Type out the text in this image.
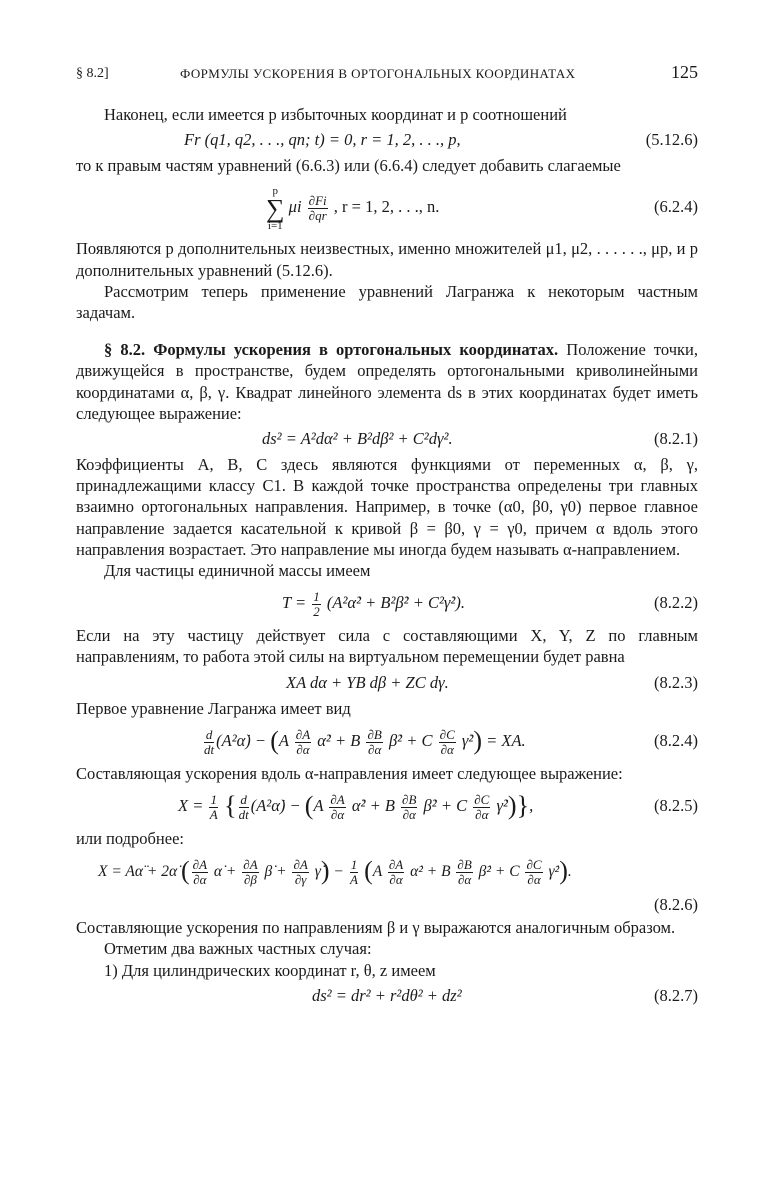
§ 8.2]	ФОРМУЛЫ УСКОРЕНИЯ В ОРТОГОНАЛЬНЫХ КООРДИНАТАХ	125

Наконец, если имеется p избыточных координат и p соотношений

Fr (q1, q2, . . ., qn; t) = 0, r = 1, 2, . . ., p,	(5.12.6)

то к правым частям уравнений (6.6.3) или (6.6.4) следует добавить слагаемые

p
∑
i=1 μi $\frac{\partial Fi}{\partial qr}$ , r = 1, 2, . . ., n.	(6.2.4)

Появляются p дополнительных неизвестных, именно множителей μ1, μ2, . . . . . ., μp, и p дополнительных уравнений (5.12.6).

Рассмотрим теперь применение уравнений Лагранжа к некоторым частным задачам.

§ 8.2. Формулы ускорения в ортогональных координатах. Положение точки, движущейся в пространстве, будем определять ортогональными криволинейными координатами α, β, γ. Квадрат линейного элемента ds в этих координатах будет иметь следующее выражение:

ds² = A²dα² + B²dβ² + C²dγ².	(8.2.1)

Коэффициенты A, B, C здесь являются функциями от переменных α, β, γ, принадлежащими классу C1. В каждой точке пространства определены три главных взаимно ортогональных направления. Например, в точке (α0, β0, γ0) первое главное направление задается касательной к кривой β = β0, γ = γ0, причем α вдоль этого направления возрастает. Это направление мы иногда будем называть α-направлением.

Для частицы единичной массы имеем

$T = \frac{1}{2}$ (A²α̇² + B²β̇² + C²γ̇²).	(8.2.2)

Если на эту частицу действует сила с составляющими X, Y, Z по главным направлениям, то работа этой силы на виртуальном перемещении будет равна

XA dα + YB dβ + ZC dγ.	(8.2.3)

Первое уравнение Лагранжа имеет вид

$\frac{d}{dt}$ (A²α̇) − ($A \frac{\partial A}{\partial\alpha}$ α̇² + B $\frac{\partial B}{\partial\alpha}$ β̇² + C $\frac{\partial C}{\partial\alpha}$ γ̇²) = XA.	(8.2.4)

Составляющая ускорения вдоль α-направления имеет следующее выражение:

$X = \frac{1}{A}$ { $\frac{d}{dt}$ (A²α̇) − ($A \frac{\partial A}{\partial\alpha}$ α̇² + B $\frac{\partial B}{\partial\alpha}$ β̇² + C $\frac{\partial C}{\partial\alpha}$ γ̇²)},	(8.2.5)

или подробнее:

X = Aα̈ + 2α̇ ( $\frac{\partial A}{\partial\alpha}$ α̇ + $\frac{\partial A}{\partial\beta}$ β̇ + $\frac{\partial A}{\partial\gamma}$ γ̇) − $\frac{1}{A} (A \frac{\partial A}{\partial\alpha}$ α̇² + B $\frac{\partial B}{\partial\alpha}$ β̇² + C $\frac{\partial C}{\partial\alpha}$ γ̇²).
(8.2.6)

Составляющие ускорения по направлениям β и γ выражаются аналогичным образом.

Отметим два важных частных случая:

1) Для цилиндрических координат r, θ, z имеем

ds² = dr² + r²dθ² + dz²	(8.2.7)
